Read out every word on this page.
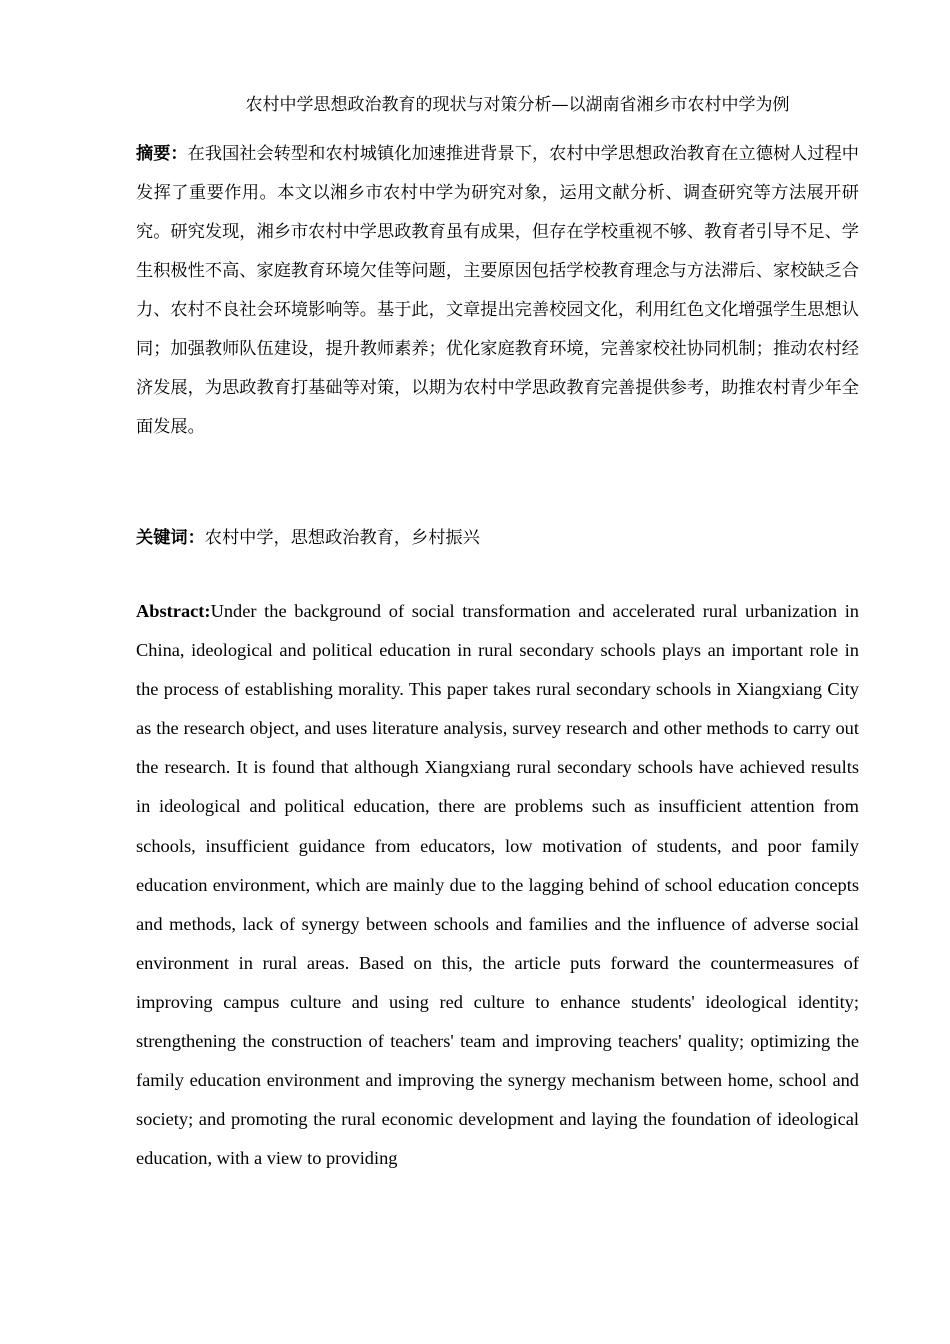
农村中学思想政治教育的现状与对策分析—以湖南省湘乡市农村中学为例

摘要：在我国社会转型和农村城镇化加速推进背景下，农村中学思想政治教育在立德树人过程中发挥了重要作用。本文以湘乡市农村中学为研究对象，运用文献分析、调查研究等方法展开研究。研究发现，湘乡市农村中学思政教育虽有成果，但存在学校重视不够、教育者引导不足、学生积极性不高、家庭教育环境欠佳等问题，主要原因包括学校教育理念与方法滞后、家校缺乏合力、农村不良社会环境影响等。基于此，文章提出完善校园文化，利用红色文化增强学生思想认同；加强教师队伍建设，提升教师素养；优化家庭教育环境，完善家校社协同机制；推动农村经济发展，为思政教育打基础等对策，以期为农村中学思政教育完善提供参考，助推农村青少年全面发展。

关键词：农村中学，思想政治教育，乡村振兴

Abstract:Under the background of social transformation and accelerated rural urbanization in China, ideological and political education in rural secondary schools plays an important role in the process of establishing morality. This paper takes rural secondary schools in Xiangxiang City as the research object, and uses literature analysis, survey research and other methods to carry out the research. It is found that although Xiangxiang rural secondary schools have achieved results in ideological and political education, there are problems such as insufficient attention from schools, insufficient guidance from educators, low motivation of students, and poor family education environment, which are mainly due to the lagging behind of school education concepts and methods, lack of synergy between schools and families and the influence of adverse social environment in rural areas. Based on this, the article puts forward the countermeasures of improving campus culture and using red culture to enhance students' ideological identity; strengthening the construction of teachers' team and improving teachers' quality; optimizing the family education environment and improving the synergy mechanism between home, school and society; and promoting the rural economic development and laying the foundation of ideological education, with a view to providing
